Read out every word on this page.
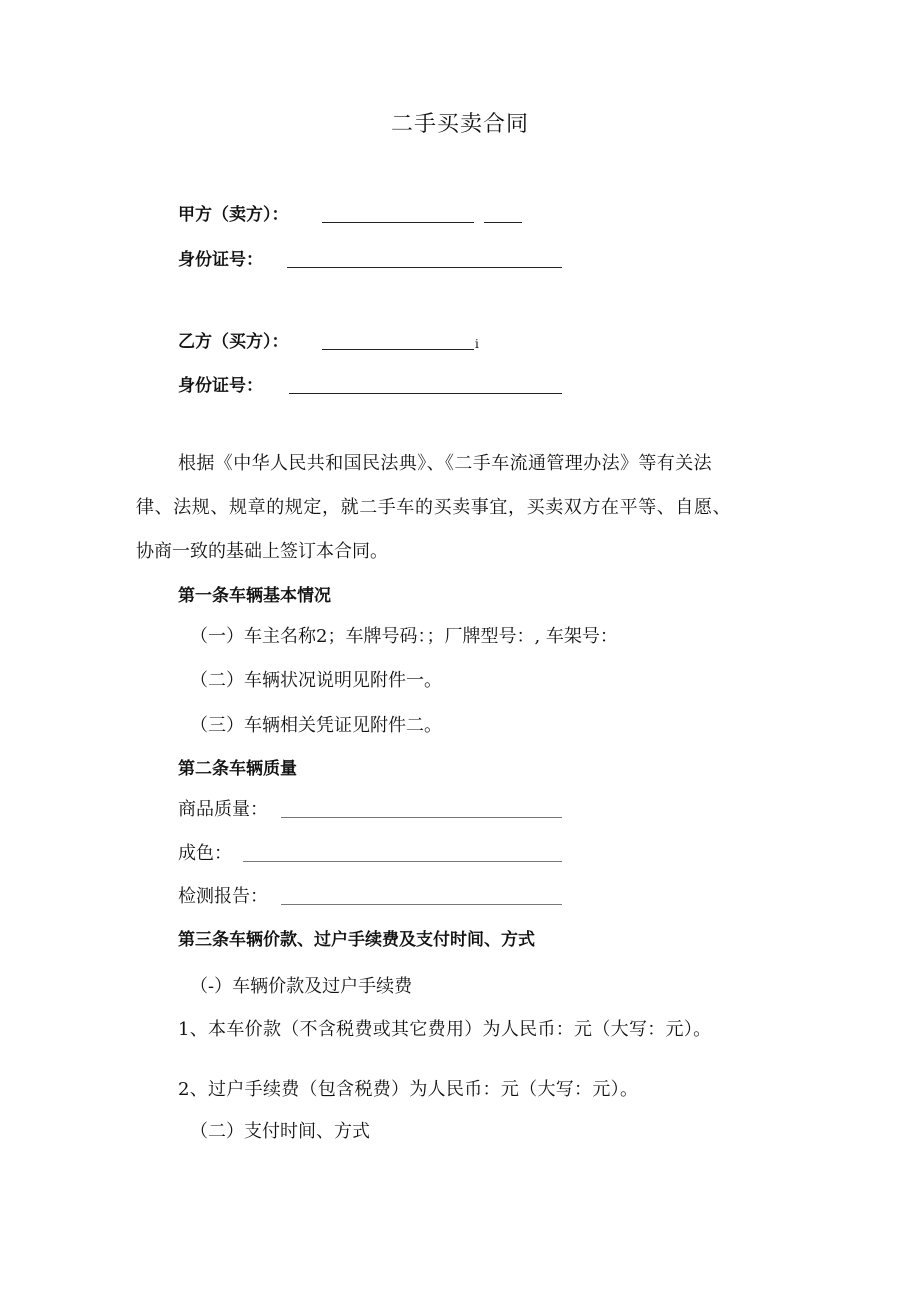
二手买卖合同
甲方（卖方）：
身份证号：
乙方（买方）：	i
身份证号：
根据《中华人民共和国民法典》、《二手车流通管理办法》等有关法
律、法规、规章的规定，就二手车的买卖事宜，买卖双方在平等、自愿、
协商一致的基础上签订本合同。
第一条车辆基本情况
（一）车主名称2；车牌号码：；厂牌型号：, 车架号：
（二）车辆状况说明见附件一。
（三）车辆相关凭证见附件二。
第二条车辆质量
商品质量：
成色：
检测报告：
第三条车辆价款、过户手续费及支付时间、方式
（-）车辆价款及过户手续费
1、本车价款（不含税费或其它费用）为人民币：元（大写：元）。
2、过户手续费（包含税费）为人民币：元（大写：元）。
（二）支付时间、方式
